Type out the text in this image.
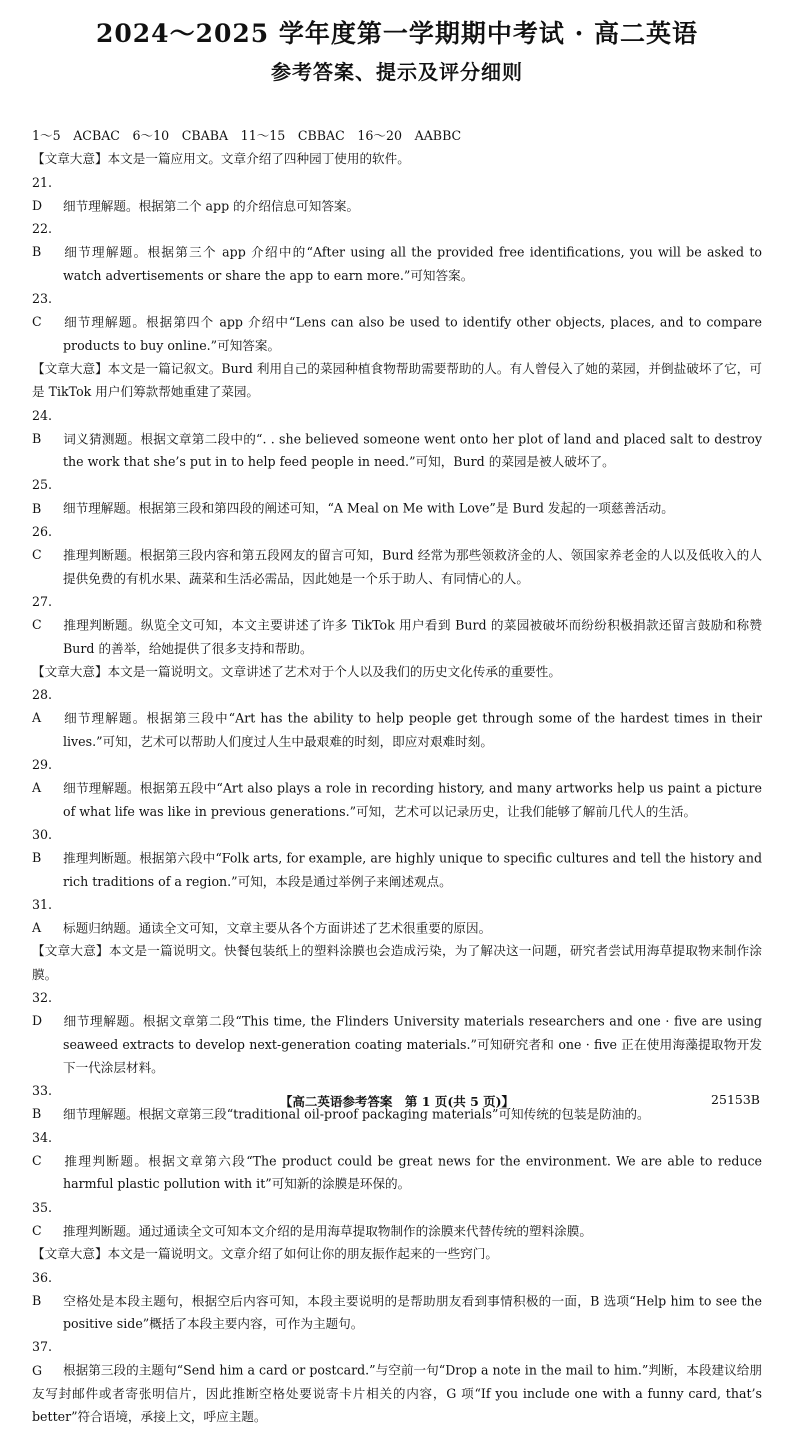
2024～2025 学年度第一学期期中考试 · 高二英语
参考答案、提示及评分细则

1～5　ACBAC　6～10　CBABA　11～15　CBBAC　16～20　AABBC

【文章大意】本文是一篇应用文。文章介绍了四种园丁使用的软件。

21. D 细节理解题。根据第二个 app 的介绍信息可知答案。

22. B 细节理解题。根据第三个 app 介绍中的“After using all the provided free identifications, you will be asked to watch advertisements or share the app to earn more.”可知答案。

23. C 细节理解题。根据第四个 app 介绍中“Lens can also be used to identify other objects, places, and to compare products to buy online.”可知答案。

【文章大意】本文是一篇记叙文。Burd 利用自己的菜园种植食物帮助需要帮助的人。有人曾侵入了她的菜园，并倒盐破坏了它，可是 TikTok 用户们筹款帮她重建了菜园。

24. B 词义猜测题。根据文章第二段中的“. . she believed someone went onto her plot of land and placed salt to destroy the work that she’s put in to help feed people in need.”可知，Burd 的菜园是被人破坏了。

25. B 细节理解题。根据第三段和第四段的阐述可知，“A Meal on Me with Love”是 Burd 发起的一项慈善活动。

26. C 推理判断题。根据第三段内容和第五段网友的留言可知，Burd 经常为那些领救济金的人、领国家养老金的人以及低收入的人提供免费的有机水果、蔬菜和生活必需品，因此她是一个乐于助人、有同情心的人。

27. C 推理判断题。纵览全文可知，本文主要讲述了许多 TikTok 用户看到 Burd 的菜园被破坏而纷纷积极捐款还留言鼓励和称赞 Burd 的善举，给她提供了很多支持和帮助。

【文章大意】本文是一篇说明文。文章讲述了艺术对于个人以及我们的历史文化传承的重要性。

28. A 细节理解题。根据第三段中“Art has the ability to help people get through some of the hardest times in their lives.”可知，艺术可以帮助人们度过人生中最艰难的时刻，即应对艰难时刻。

29. A 细节理解题。根据第五段中“Art also plays a role in recording history, and many artworks help us paint a picture of what life was like in previous generations.”可知，艺术可以记录历史，让我们能够了解前几代人的生活。

30. B 推理判断题。根据第六段中“Folk arts, for example, are highly unique to specific cultures and tell the history and rich traditions of a region.”可知，本段是通过举例子来阐述观点。

31. A 标题归纳题。通读全文可知，文章主要从各个方面讲述了艺术很重要的原因。

【文章大意】本文是一篇说明文。快餐包装纸上的塑料涂膜也会造成污染，为了解决这一问题，研究者尝试用海草提取物来制作涂膜。

32. D 细节理解题。根据文章第二段“This time, the Flinders University materials researchers and one · five are using seaweed extracts to develop next-generation coating materials.”可知研究者和 one · five 正在使用海藻提取物开发下一代涂层材料。

33. B 细节理解题。根据文章第三段“traditional oil-proof packaging materials”可知传统的包装是防油的。

34. C 推理判断题。根据文章第六段“The product could be great news for the environment. We are able to reduce harmful plastic pollution with it”可知新的涂膜是环保的。

35. C 推理判断题。通过通读全文可知本文介绍的是用海草提取物制作的涂膜来代替传统的塑料涂膜。

【文章大意】本文是一篇说明文。文章介绍了如何让你的朋友振作起来的一些窍门。

36. B 空格处是本段主题句，根据空后内容可知，本段主要说明的是帮助朋友看到事情积极的一面，B 选项“Help him to see the positive side”概括了本段主要内容，可作为主题句。

37. G 根据第三段的主题句“Send him a card or postcard.”与空前一句“Drop a note in the mail to him.”判断，本段建议给朋友写封邮件或者寄张明信片，因此推断空格处要说寄卡片相关的内容，G 项“If you include one with a funny card, that’s better”符合语境，承接上文，呼应主题。

【高二英语参考答案　第 1 页(共 5 页)】	25153B
